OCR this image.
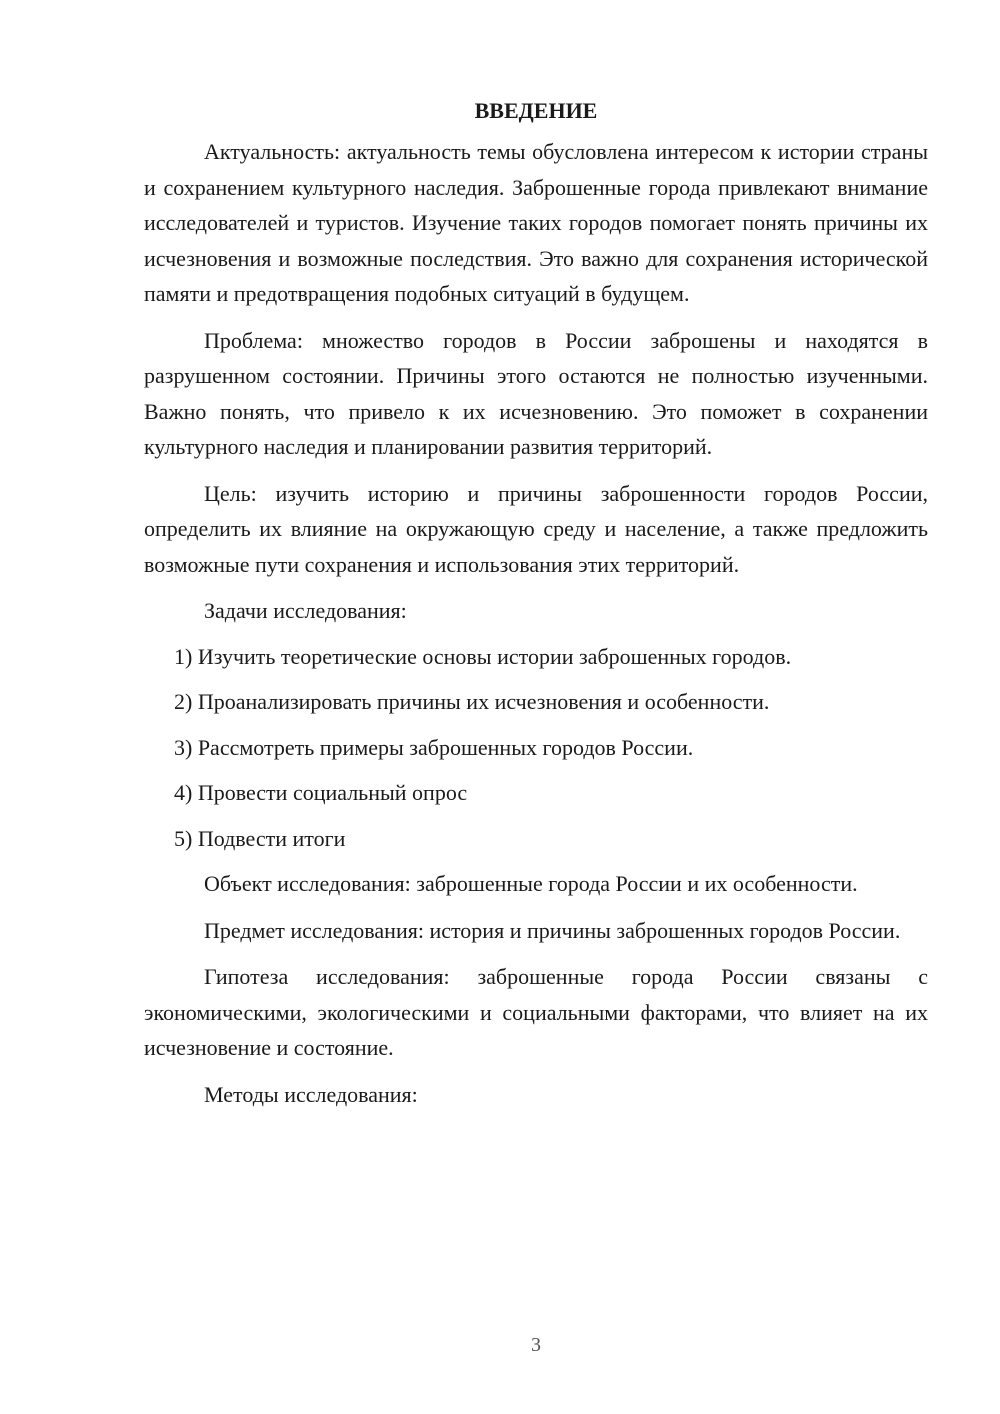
ВВЕДЕНИЕ

Актуальность: актуальность темы обусловлена интересом к истории страны и сохранением культурного наследия. Заброшенные города привлекают внимание исследователей и туристов. Изучение таких городов помогает понять причины их исчезновения и возможные последствия. Это важно для сохранения исторической памяти и предотвращения подобных ситуаций в будущем.

Проблема: множество городов в России заброшены и находятся в разрушенном состоянии. Причины этого остаются не полностью изученными. Важно понять, что привело к их исчезновению. Это поможет в сохранении культурного наследия и планировании развития территорий.

Цель: изучить историю и причины заброшенности городов России, определить их влияние на окружающую среду и население, а также предложить возможные пути сохранения и использования этих территорий.

Задачи исследования:

1) Изучить теоретические основы истории заброшенных городов.

2) Проанализировать причины их исчезновения и особенности.

3) Рассмотреть примеры заброшенных городов России.

4) Провести социальный опрос

5) Подвести итоги

Объект исследования: заброшенные города России и их особенности.

Предмет исследования: история и причины заброшенных городов России.

Гипотеза исследования: заброшенные города России связаны с экономическими, экологическими и социальными факторами, что влияет на их исчезновение и состояние.

Методы исследования:

3
